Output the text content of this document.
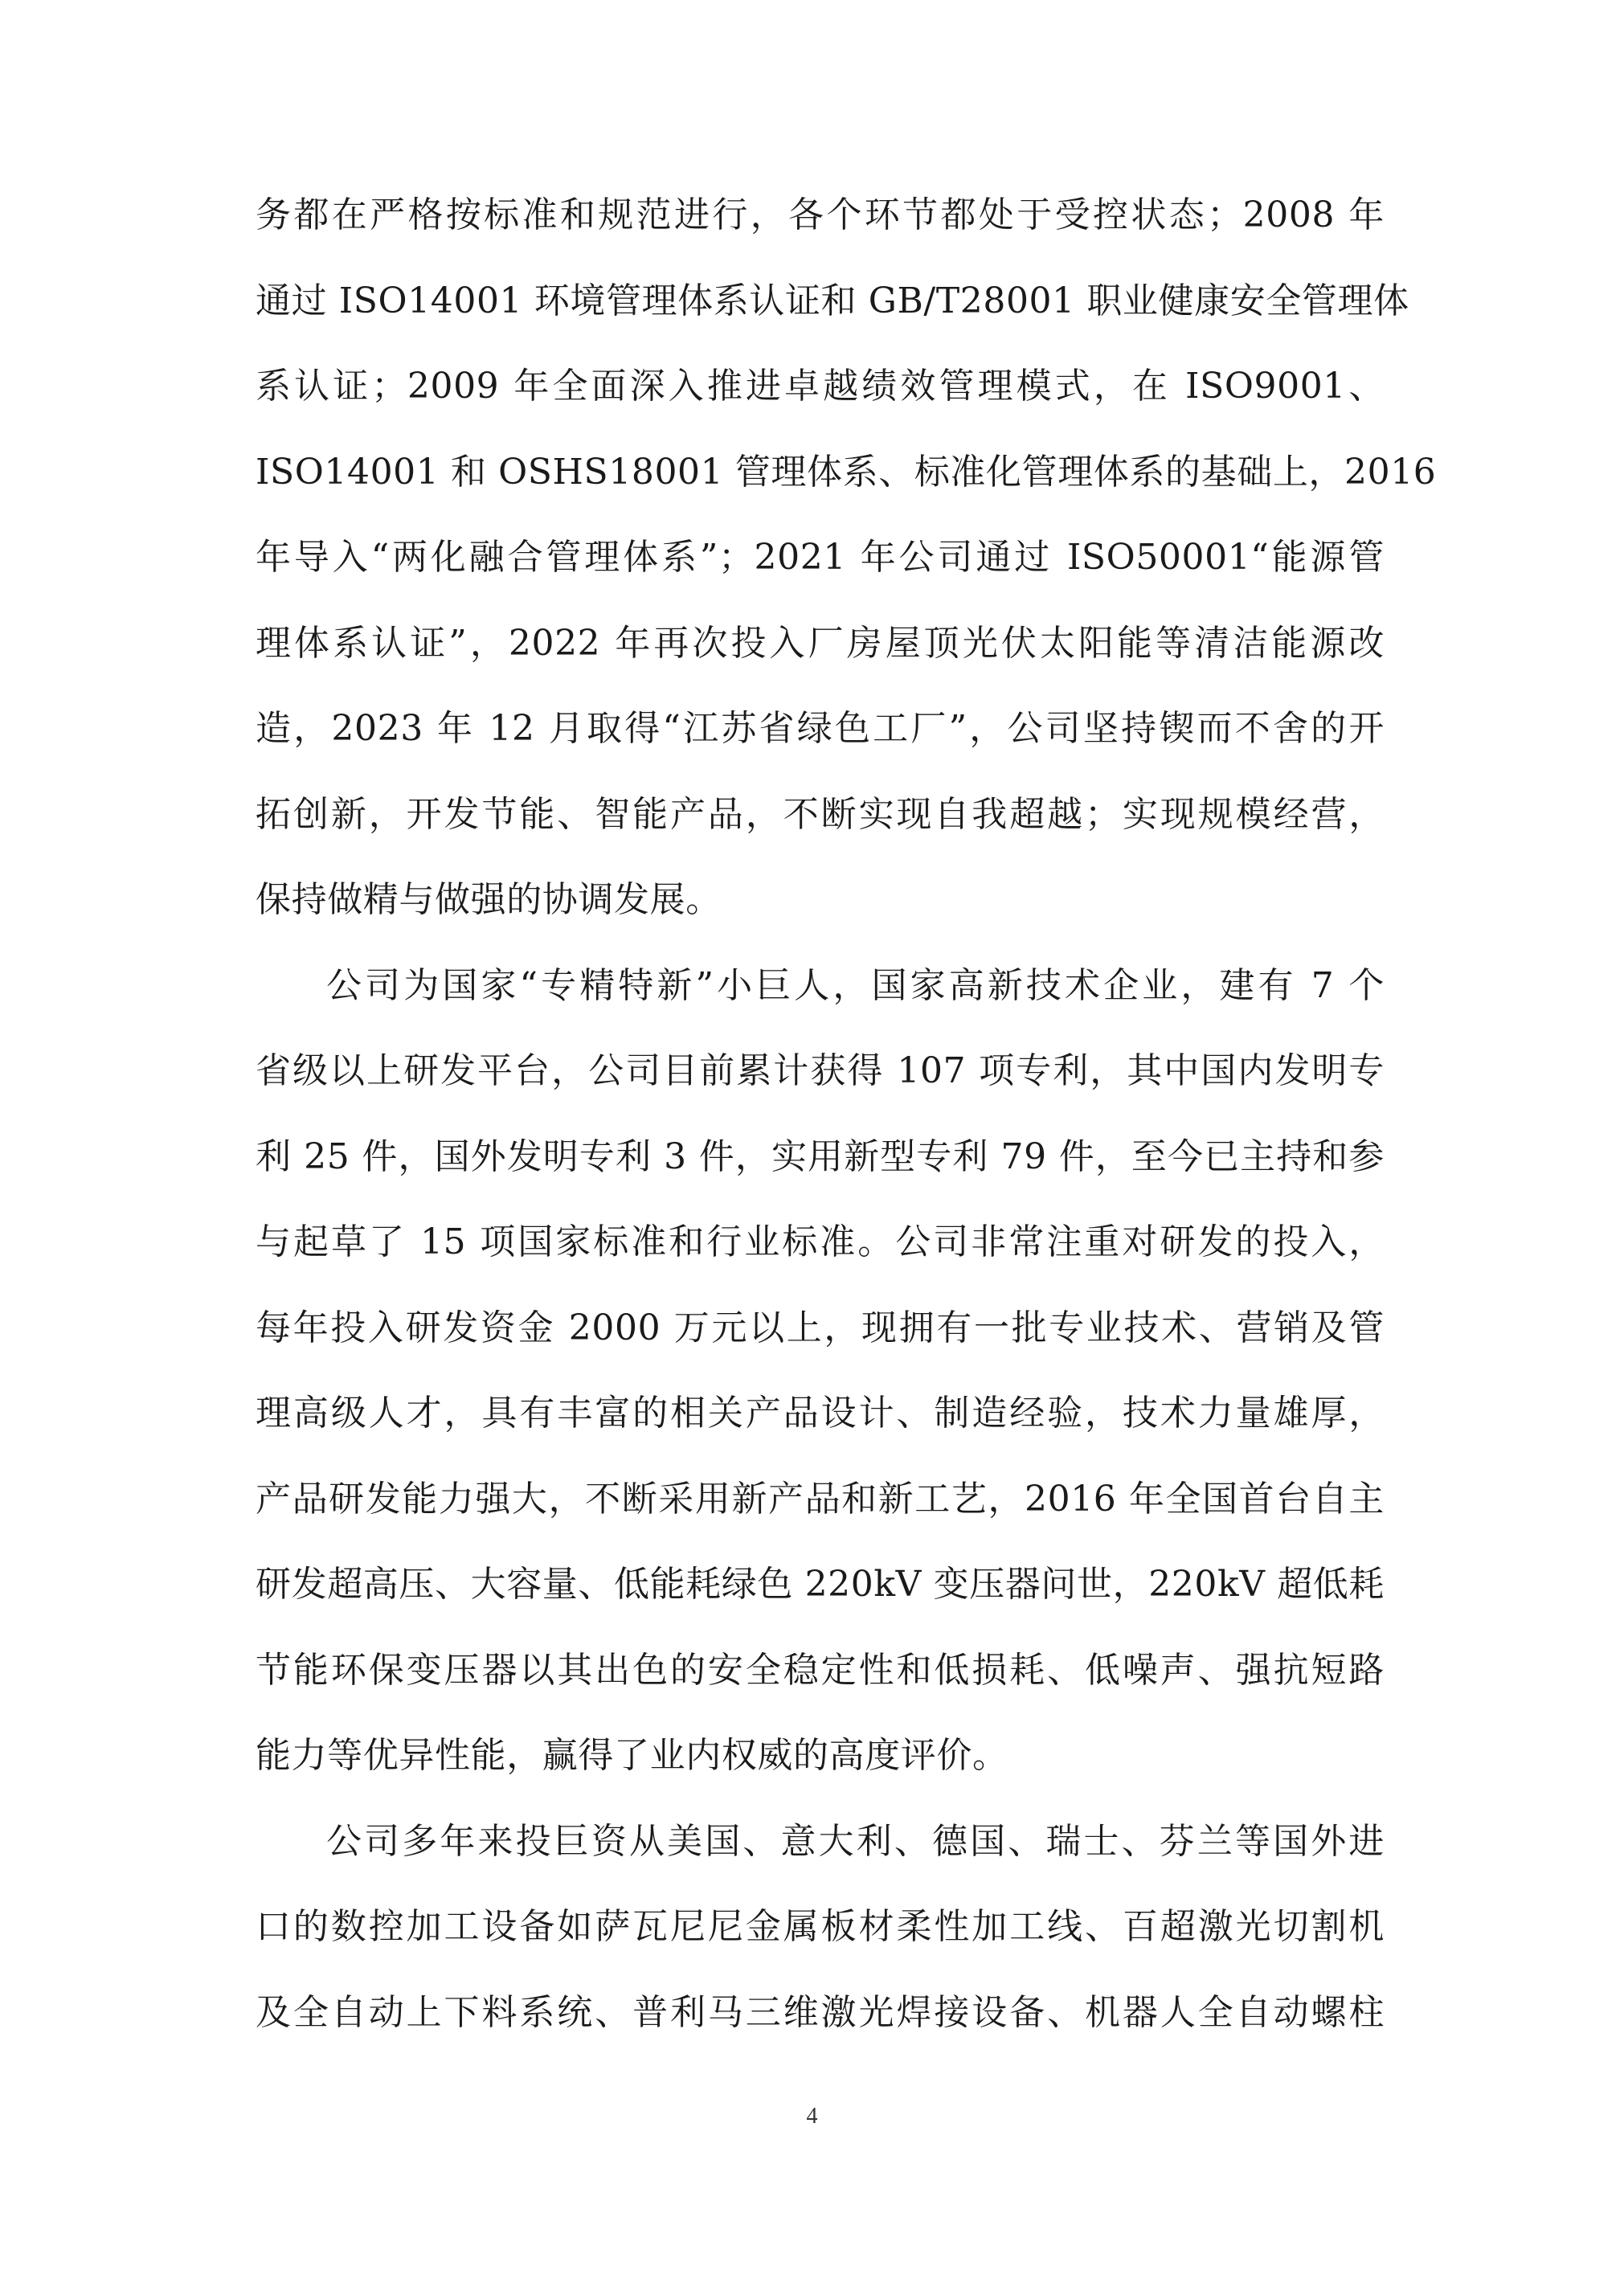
务都在严格按标准和规范进行，各个环节都处于受控状态；2008 年
通过 ISO14001 环境管理体系认证和 GB/T28001 职业健康安全管理体
系认证；2009 年全面深入推进卓越绩效管理模式，在 ISO9001、
ISO14001 和 OSHS18001 管理体系、标准化管理体系的基础上，2016
年导入“两化融合管理体系”；2021 年公司通过 ISO50001“能源管
理体系认证”，2022 年再次投入厂房屋顶光伏太阳能等清洁能源改
造，2023 年 12 月取得“江苏省绿色工厂”，公司坚持锲而不舍的开
拓创新，开发节能、智能产品，不断实现自我超越；实现规模经营，
保持做精与做强的协调发展。
公司为国家“专精特新”小巨人，国家高新技术企业，建有 7 个
省级以上研发平台，公司目前累计获得 107 项专利，其中国内发明专
利 25 件，国外发明专利 3 件，实用新型专利 79 件，至今已主持和参
与起草了 15 项国家标准和行业标准。公司非常注重对研发的投入，
每年投入研发资金 2000 万元以上，现拥有一批专业技术、营销及管
理高级人才，具有丰富的相关产品设计、制造经验，技术力量雄厚，
产品研发能力强大，不断采用新产品和新工艺，2016 年全国首台自主
研发超高压、大容量、低能耗绿色 220kV 变压器问世，220kV 超低耗
节能环保变压器以其出色的安全稳定性和低损耗、低噪声、强抗短路
能力等优异性能，赢得了业内权威的高度评价。
公司多年来投巨资从美国、意大利、德国、瑞士、芬兰等国外进
口的数控加工设备如萨瓦尼尼金属板材柔性加工线、百超激光切割机
及全自动上下料系统、普利马三维激光焊接设备、机器人全自动螺柱
4
